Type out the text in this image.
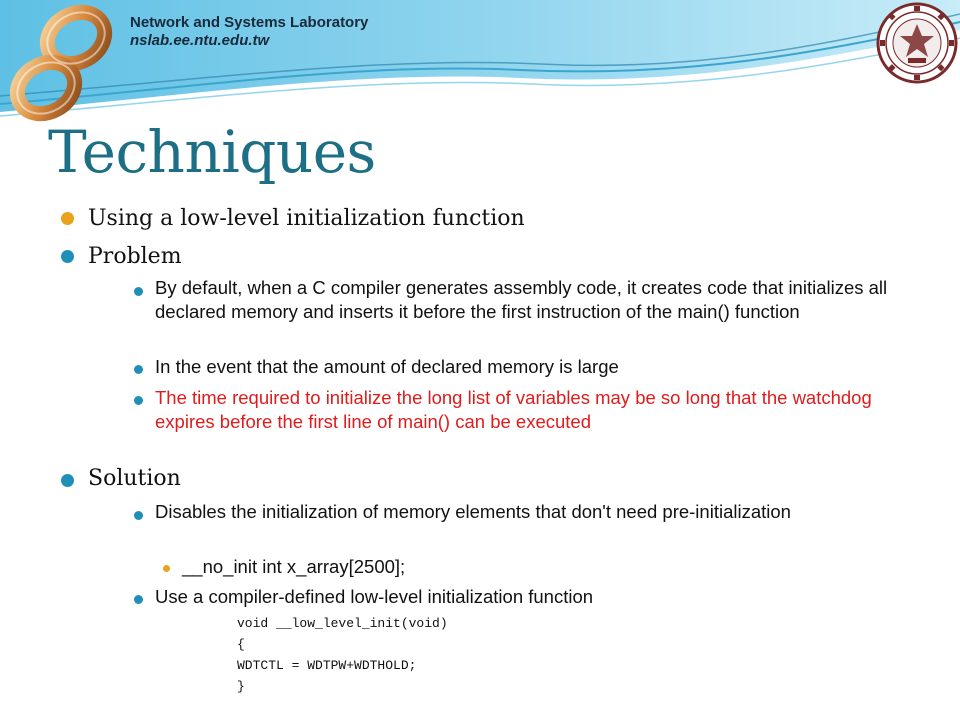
Network and Systems Laboratory
nslab.ee.ntu.edu.tw
Techniques
Using a low-level initialization function
Problem
By default, when a C compiler generates assembly code, it creates code that initializes all declared memory and inserts it before the first instruction of the main() function
In the event that the amount of declared memory is large
The time required to initialize the long list of variables may be so long that the watchdog expires before the first line of main() can be executed
Solution
Disables the initialization of memory elements that don't need pre-initialization
__no_init int x_array[2500];
Use a compiler-defined low-level initialization function
void __low_level_init(void)
{
WDTCTL = WDTPW+WDTHOLD;
}
